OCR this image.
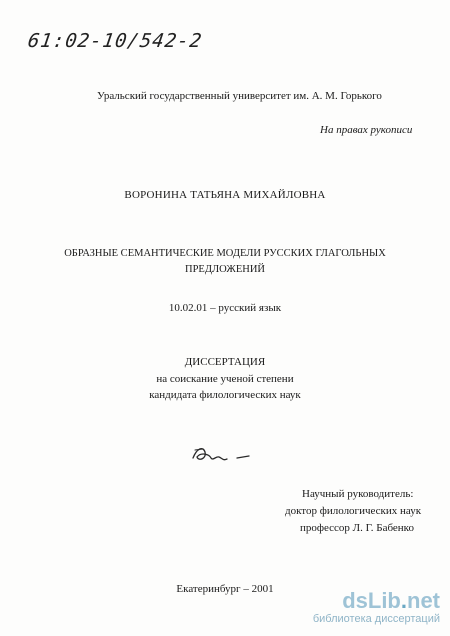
61:02-10/542-2
Уральский государственный университет им. А. М. Горького
На правах рукописи
ВОРОНИНА ТАТЬЯНА МИХАЙЛОВНА
ОБРАЗНЫЕ СЕМАНТИЧЕСКИЕ МОДЕЛИ РУССКИХ ГЛАГОЛЬНЫХ
ПРЕДЛОЖЕНИЙ
10.02.01 – русский язык
ДИССЕРТАЦИЯ
на соискание ученой степени
кандидата филологических наук
Научный руководитель:
доктор филологических наук
профессор Л. Г. Бабенко
Екатеринбург – 2001	dsLib.net
библиотека диссертаций
